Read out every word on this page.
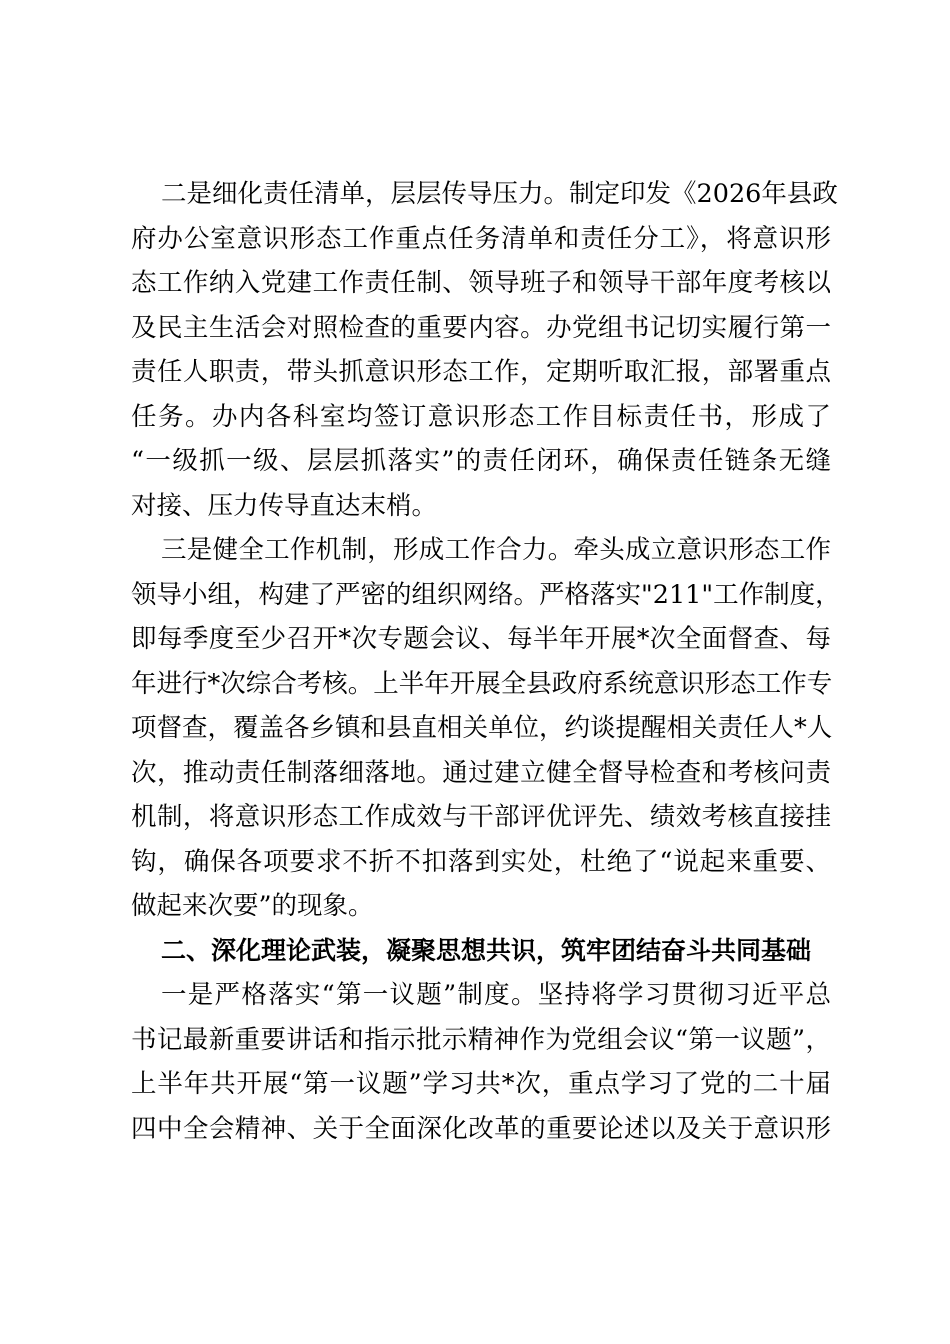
二是细化责任清单，层层传导压力。制定印发《2026年县政
府办公室意识形态工作重点任务清单和责任分工》，将意识形
态工作纳入党建工作责任制、领导班子和领导干部年度考核以
及民主生活会对照检查的重要内容。办党组书记切实履行第一
责任人职责，带头抓意识形态工作，定期听取汇报，部署重点
任务。办内各科室均签订意识形态工作目标责任书，形成了
“一级抓一级、层层抓落实”的责任闭环，确保责任链条无缝
对接、压力传导直达末梢。
三是健全工作机制，形成工作合力。牵头成立意识形态工作
领导小组，构建了严密的组织网络。严格落实"211"工作制度，
即每季度至少召开*次专题会议、每半年开展*次全面督查、每
年进行*次综合考核。上半年开展全县政府系统意识形态工作专
项督查，覆盖各乡镇和县直相关单位，约谈提醒相关责任人*人
次，推动责任制落细落地。通过建立健全督导检查和考核问责
机制，将意识形态工作成效与干部评优评先、绩效考核直接挂
钩，确保各项要求不折不扣落到实处，杜绝了“说起来重要、
做起来次要”的现象。
二、深化理论武装，凝聚思想共识，筑牢团结奋斗共同基础
一是严格落实“第一议题”制度。坚持将学习贯彻习近平总
书记最新重要讲话和指示批示精神作为党组会议“第一议题”，
上半年共开展“第一议题”学习共*次，重点学习了党的二十届
四中全会精神、关于全面深化改革的重要论述以及关于意识形
